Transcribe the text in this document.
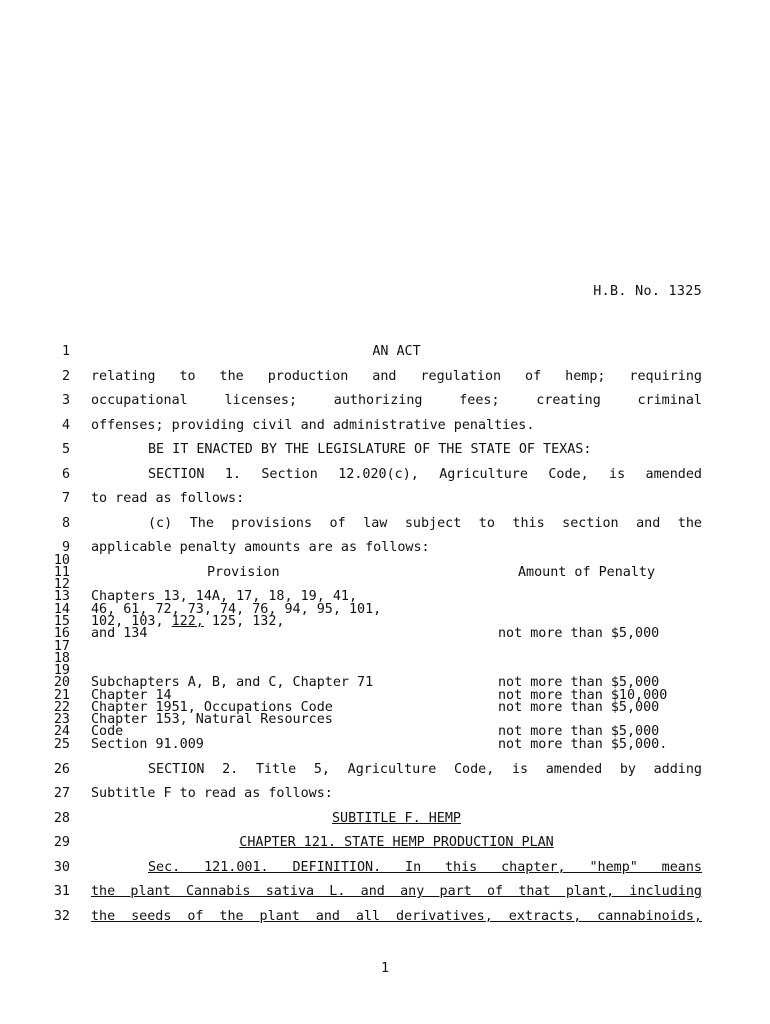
H.B. No. 1325
1
2
3
4
5
6
7
8
9
10
11
12
13
14
15
16
17
18
19
20
21
22
23
24
25
26
27
28
29
30
31
32
AN ACT
relating to the production and regulation of hemp; requiring
occupational licenses; authorizing fees; creating criminal
offenses; providing civil and administrative penalties.
BE IT ENACTED BY THE LEGISLATURE OF THE STATE OF TEXAS:
SECTION 1. Section 12.020(c), Agriculture Code, is amended
to read as follows:
(c) The provisions of law subject to this section and the
applicable penalty amounts are as follows:
Provision	Amount of Penalty
Chapters 13, 14A, 17, 18, 19, 41,
46, 61, 72, 73, 74, 76, 94, 95, 101,
102, 103, 122, 125, 132,
and 134	not more than $5,000
Subchapters A, B, and C, Chapter 71	not more than $5,000
Chapter 14	not more than $10,000
Chapter 1951, Occupations Code	not more than $5,000
Chapter 153, Natural Resources
Code	not more than $5,000
Section 91.009	not more than $5,000.
SECTION 2. Title 5, Agriculture Code, is amended by adding
Subtitle F to read as follows:
SUBTITLE F. HEMP
CHAPTER 121. STATE HEMP PRODUCTION PLAN
Sec. 121.001. DEFINITION. In this chapter, "hemp" means
the plant Cannabis sativa L. and any part of that plant, including
the seeds of the plant and all derivatives, extracts, cannabinoids,
1
